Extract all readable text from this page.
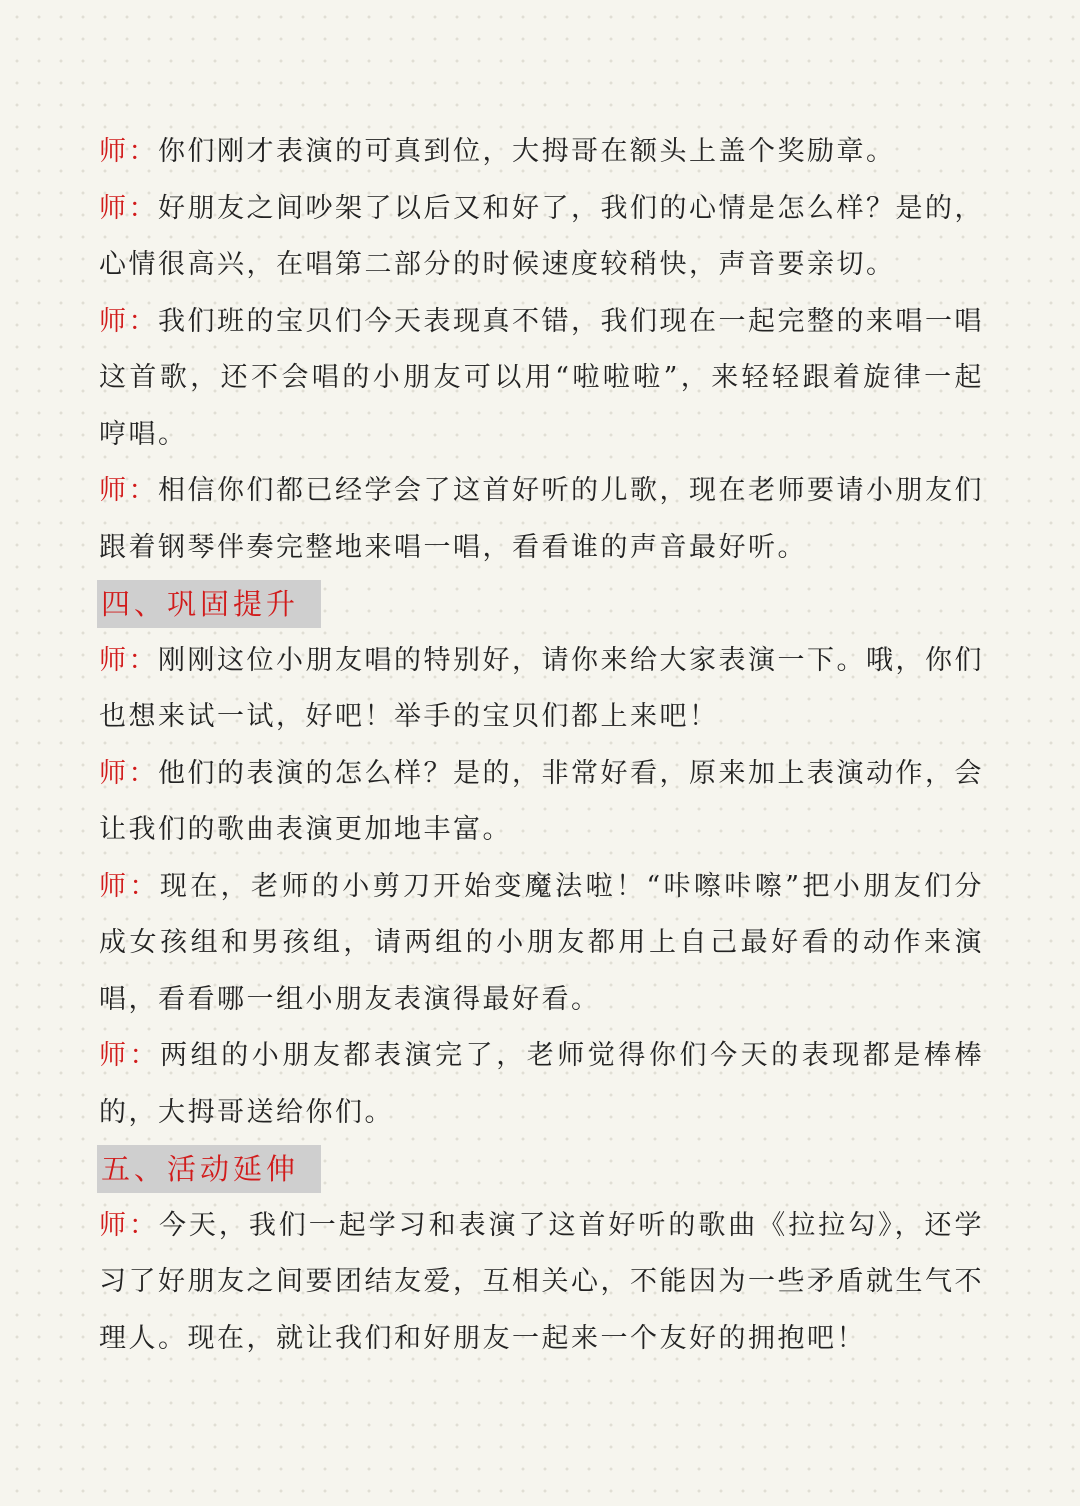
师：你们刚才表演的可真到位，大拇哥在额头上盖个奖励章。

师：好朋友之间吵架了以后又和好了，我们的心情是怎么样？是的，心情很高兴，在唱第二部分的时候速度较稍快，声音要亲切。

师：我们班的宝贝们今天表现真不错，我们现在一起完整的来唱一唱这首歌，还不会唱的小朋友可以用“啦啦啦”，来轻轻跟着旋律一起哼唱。

师：相信你们都已经学会了这首好听的儿歌，现在老师要请小朋友们跟着钢琴伴奏完整地来唱一唱，看看谁的声音最好听。

四、巩固提升

师：刚刚这位小朋友唱的特别好，请你来给大家表演一下。哦，你们也想来试一试，好吧！举手的宝贝们都上来吧！

师：他们的表演的怎么样？是的，非常好看，原来加上表演动作，会让我们的歌曲表演更加地丰富。

师：现在，老师的小剪刀开始变魔法啦！“咔嚓咔嚓”把小朋友们分成女孩组和男孩组，请两组的小朋友都用上自己最好看的动作来演唱，看看哪一组小朋友表演得最好看。

师：两组的小朋友都表演完了，老师觉得你们今天的表现都是棒棒的，大拇哥送给你们。

五、活动延伸

师：今天，我们一起学习和表演了这首好听的歌曲《拉拉勾》，还学习了好朋友之间要团结友爱，互相关心，不能因为一些矛盾就生气不理人。现在，就让我们和好朋友一起来一个友好的拥抱吧！
